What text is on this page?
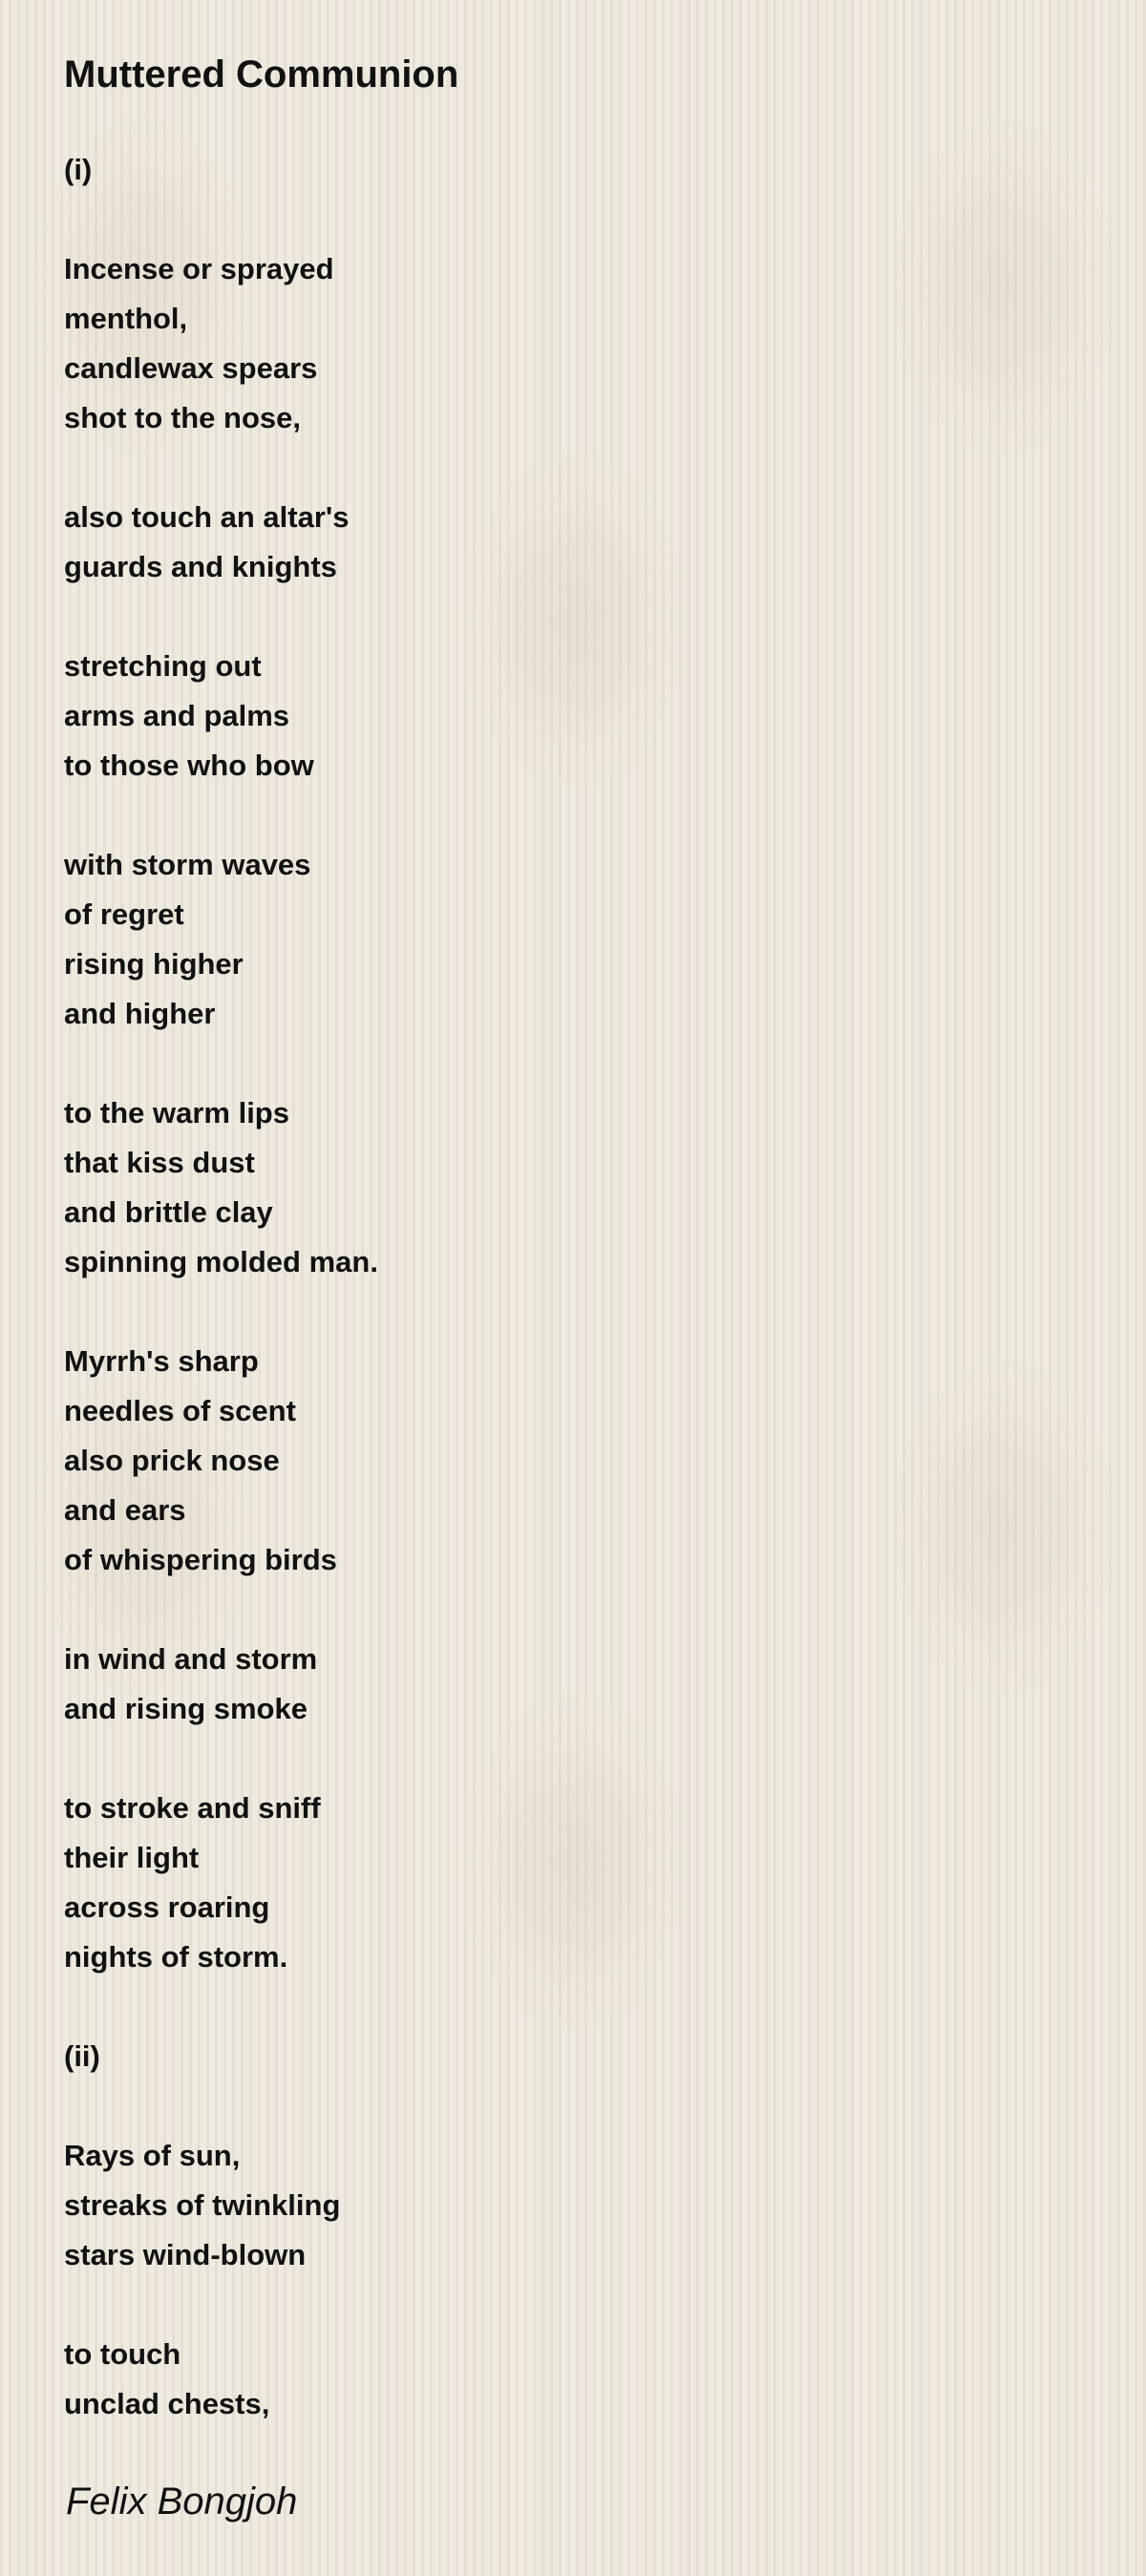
Muttered Communion
(i)
Incense or sprayed
menthol,
candlewax spears
shot to the nose,
also touch an altar's
guards and knights
stretching out
arms and palms
to those who bow
with storm waves
of regret
rising higher
and higher
to the warm lips
that kiss dust
and brittle clay
spinning molded man.
Myrrh's sharp
needles of scent
also prick nose
and ears
of whispering birds
in wind and storm
and rising smoke
to stroke and sniff
their light
across roaring
nights of storm.
(ii)
Rays of sun,
streaks of twinkling
stars wind-blown
to touch
unclad chests,
Felix Bongjoh
